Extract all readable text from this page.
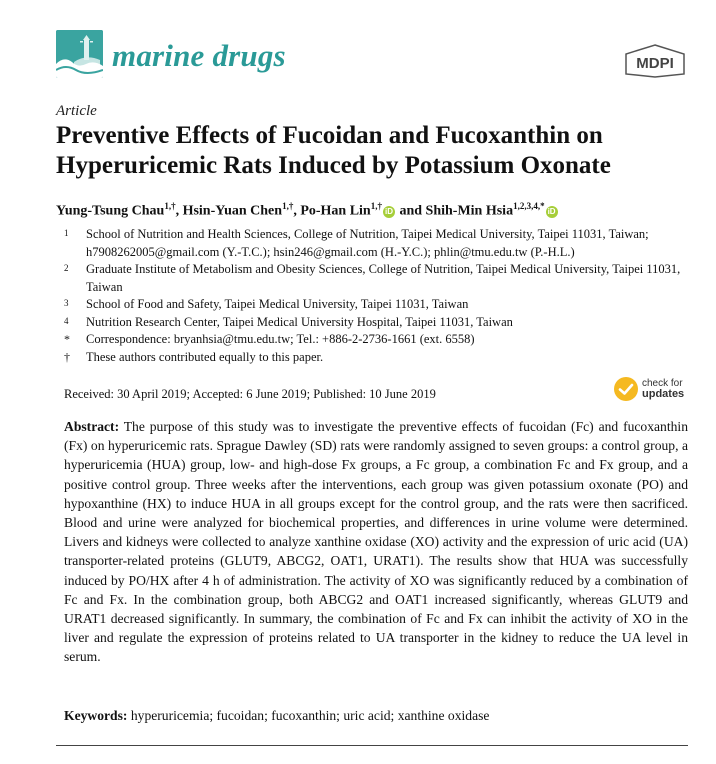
marine drugs	MDPI
Article
Preventive Effects of Fucoidan and Fucoxanthin on Hyperuricemic Rats Induced by Potassium Oxonate
Yung-Tsung Chau$^{1,\dagger}$, Hsin-Yuan Chen$^{1,\dagger}$, Po-Han Lin$^{1,\dagger}$iD and Shih-Min Hsia$^{1,2,3,4,*}$iD
1	School of Nutrition and Health Sciences, College of Nutrition, Taipei Medical University, Taipei 11031, Taiwan; h7908262005@gmail.com (Y.-T.C.); hsin246@gmail.com (H.-Y.C.); phlin@tmu.edu.tw (P.-H.L.)
2	Graduate Institute of Metabolism and Obesity Sciences, College of Nutrition, Taipei Medical University, Taipei 11031, Taiwan
3	School of Food and Safety, Taipei Medical University, Taipei 11031, Taiwan
4	Nutrition Research Center, Taipei Medical University Hospital, Taipei 11031, Taiwan
*	Correspondence: bryanhsia@tmu.edu.tw; Tel.: +886-2-2736-1661 (ext. 6558)
†	These authors contributed equally to this paper.
Received: 30 April 2019; Accepted: 6 June 2019; Published: 10 June 2019
check for
updates
Abstract: The purpose of this study was to investigate the preventive effects of fucoidan (Fc) and fucoxanthin (Fx) on hyperuricemic rats. Sprague Dawley (SD) rats were randomly assigned to seven groups: a control group, a hyperuricemia (HUA) group, low- and high-dose Fx groups, a Fc group, a combination Fc and Fx group, and a positive control group. Three weeks after the interventions, each group was given potassium oxonate (PO) and hypoxanthine (HX) to induce HUA in all groups except for the control group, and the rats were then sacrificed. Blood and urine were analyzed for biochemical properties, and differences in urine volume were determined. Livers and kidneys were collected to analyze xanthine oxidase (XO) activity and the expression of uric acid (UA) transporter-related proteins (GLUT9, ABCG2, OAT1, URAT1). The results show that HUA was successfully induced by PO/HX after 4 h of administration. The activity of XO was significantly reduced by a combination of Fc and Fx. In the combination group, both ABCG2 and OAT1 increased significantly, whereas GLUT9 and URAT1 decreased significantly. In summary, the combination of Fc and Fx can inhibit the activity of XO in the liver and regulate the expression of proteins related to UA transporter in the kidney to reduce the UA level in serum.
Keywords: hyperuricemia; fucoidan; fucoxanthin; uric acid; xanthine oxidase
